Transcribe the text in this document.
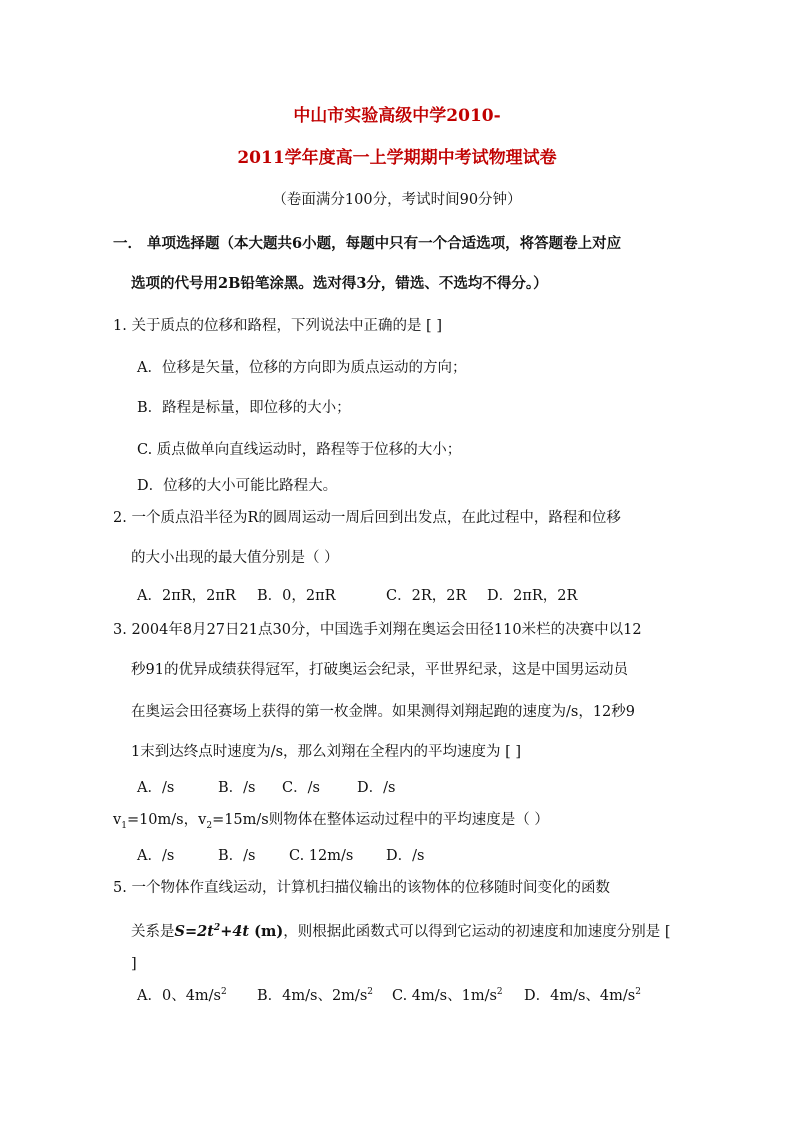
中山市实验高级中学2010-
2011学年度高一上学期期中考试物理试卷
（卷面满分100分，考试时间90分钟）
一． 单项选择题（本大题共6小题，每题中只有一个合适选项，将答题卷上对应
选项的代号用2B铅笔涂黑。选对得3分，错选、不选均不得分。）
1. 关于质点的位移和路程，下列说法中正确的是 [ ]
A．位移是矢量，位移的方向即为质点运动的方向；
B．路程是标量，即位移的大小；
C. 质点做单向直线运动时，路程等于位移的大小；
D．位移的大小可能比路程大。
2. 一个质点沿半径为R的圆周运动一周后回到出发点，在此过程中，路程和位移
的大小出现的最大值分别是（ ）
A．2πR，2πR B．0，2πR	C．2R，2R D．2πR，2R
3. 2004年8月27日21点30分，中国选手刘翔在奥运会田径110米栏的决赛中以12
秒91的优异成绩获得冠军，打破奥运会纪录，平世界纪录，这是中国男运动员
在奥运会田径赛场上获得的第一枚金牌。如果测得刘翔起跑的速度为/s，12秒9
1末到达终点时速度为/s，那么刘翔在全程内的平均速度为 [ ]
A．/s	B．/s C．/s	D．/s
$v_1=10m/s$，$v_2=15m/s$则物体在整体运动过程中的平均速度是（ ）
A．/s	B．/s C. 12m/s D．/s
5. 一个物体作直线运动，计算机扫描仪输出的该物体的位移随时间变化的函数
关系是$S=2t^2+4t$ (m)，则根据此函数式可以得到它运动的初速度和加速度分别是 [
]
A．0、$4m/s^2$ B．4m/s、$2m/s^2$ C. 4m/s、$1m/s^2$ D．4m/s、$4m/s^2$
